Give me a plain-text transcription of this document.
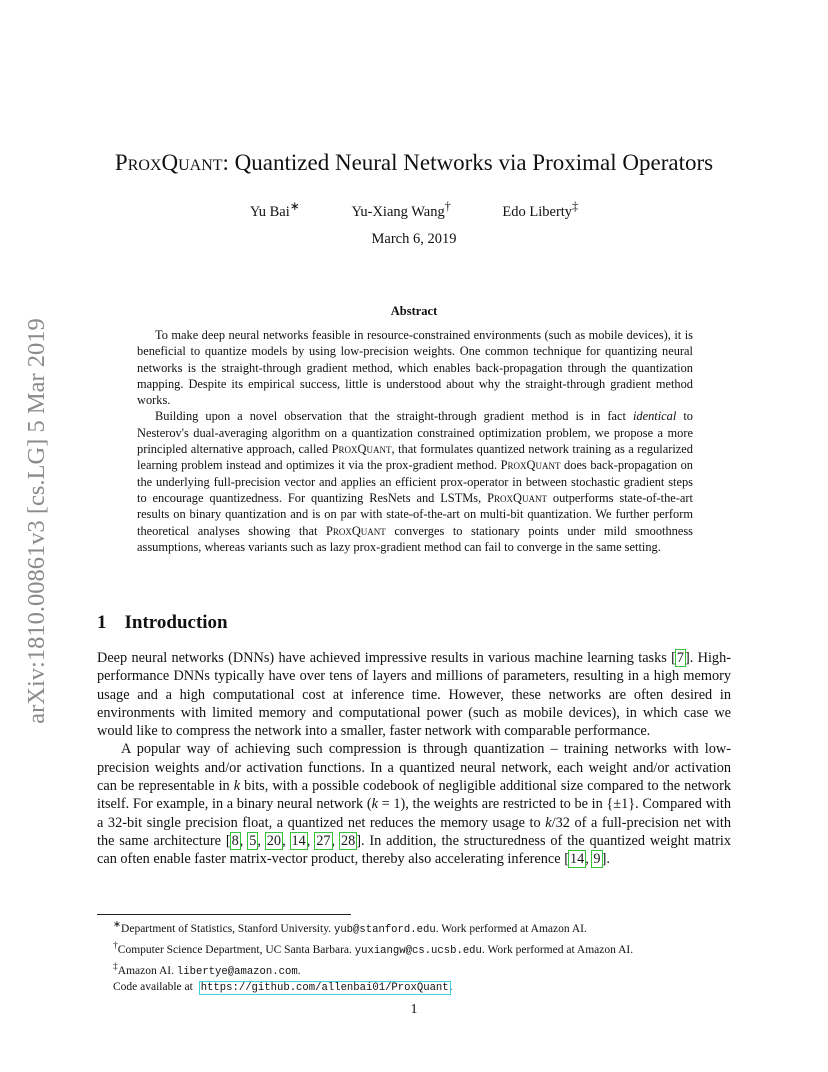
arXiv:1810.00861v3 [cs.LG] 5 Mar 2019
ProxQuant: Quantized Neural Networks via Proximal Operators
Yu Bai∗	Yu-Xiang Wang†	Edo Liberty‡
March 6, 2019
Abstract

To make deep neural networks feasible in resource-constrained environments (such as mobile devices), it is beneficial to quantize models by using low-precision weights. One common technique for quantizing neural networks is the straight-through gradient method, which enables back-propagation through the quantization mapping. Despite its empirical success, little is understood about why the straight-through gradient method works.

Building upon a novel observation that the straight-through gradient method is in fact identical to Nesterov's dual-averaging algorithm on a quantization constrained optimization problem, we propose a more principled alternative approach, called ProxQuant, that formulates quantized network training as a regularized learning problem instead and optimizes it via the prox-gradient method. ProxQuant does back-propagation on the underlying full-precision vector and applies an efficient prox-operator in between stochastic gradient steps to encourage quantizedness. For quantizing ResNets and LSTMs, ProxQuant outperforms state-of-the-art results on binary quantization and is on par with state-of-the-art on multi-bit quantization. We further perform theoretical analyses showing that ProxQuant converges to stationary points under mild smoothness assumptions, whereas variants such as lazy prox-gradient method can fail to converge in the same setting.

1 Introduction

Deep neural networks (DNNs) have achieved impressive results in various machine learning tasks [7]. High-performance DNNs typically have over tens of layers and millions of parameters, resulting in a high memory usage and a high computational cost at inference time. However, these networks are often desired in environments with limited memory and computational power (such as mobile devices), in which case we would like to compress the network into a smaller, faster network with comparable performance.

A popular way of achieving such compression is through quantization – training networks with low-precision weights and/or activation functions. In a quantized neural network, each weight and/or activation can be representable in k bits, with a possible codebook of negligible additional size compared to the network itself. For example, in a binary neural network (k = 1), the weights are restricted to be in {±1}. Compared with a 32-bit single precision float, a quantized net reduces the memory usage to k/32 of a full-precision net with the same architecture [8, 5, 20, 14, 27, 28]. In addition, the structuredness of the quantized weight matrix can often enable faster matrix-vector product, thereby also accelerating inference [14, 9].

∗Department of Statistics, Stanford University. yub@stanford.edu. Work performed at Amazon AI.
†Computer Science Department, UC Santa Barbara. yuxiangw@cs.ucsb.edu. Work performed at Amazon AI.
‡Amazon AI. libertye@amazon.com.
Code available at https://github.com/allenbai01/ProxQuant.
1
